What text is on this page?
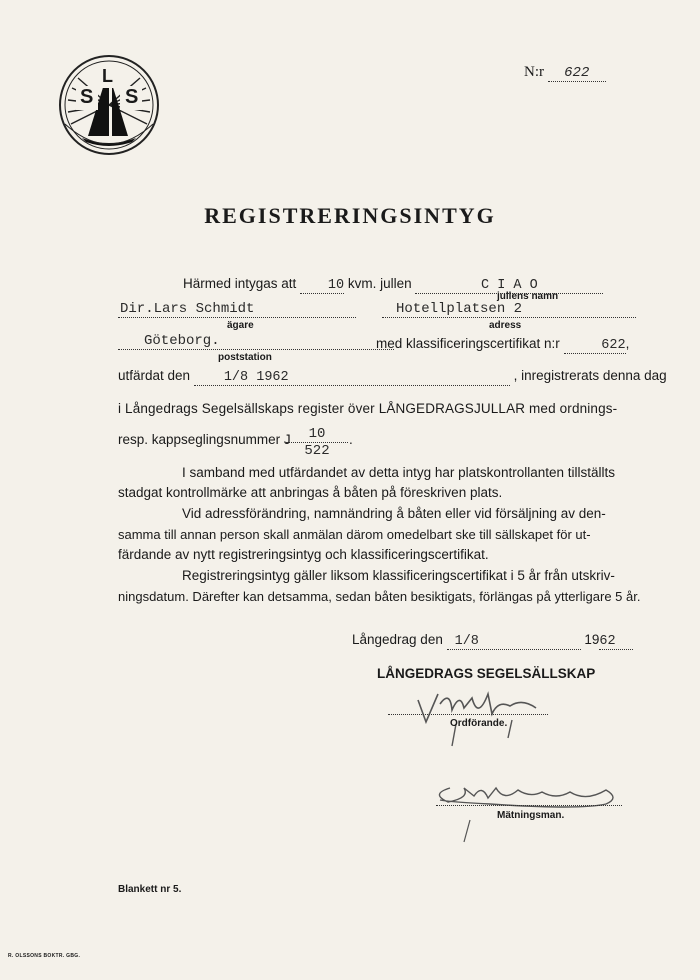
L
S S
N:r 622
REGISTRERINGSINTYG
Härmed intygas att 10 kvm. jullen	C I A O
jullens namn
Dir.Lars Schmidt	Hotellplatsen 2
ägare	adress
Göteborg.	med klassificeringscertifikat n:r	622,
poststation
utfärdat den	1/8 1962	, inregistrerats denna dag
i Långedrags Segelsällskaps register över LÅNGEDRAGSJULLAR med ordnings-
resp. kappseglingsnummer J	10
522
.
I samband med utfärdandet av detta intyg har platskontrollanten tillställts
stadgat kontrollmärke att anbringas å båten på föreskriven plats.
Vid adressförändring, namnändring å båten eller vid försäljning av den-
samma till annan person skall anmälan därom omedelbart ske till sällskapet för ut-
färdande av nytt registreringsintyg och klassificeringscertifikat.
Registreringsintyg gäller liksom klassificeringscertifikat i 5 år från utskriv-
ningsdatum. Därefter kan detsamma, sedan båten besiktigats, förlängas på ytterligare 5 år.
Långedrag den 1/8	1962
LÅNGEDRAGS SEGELSÄLLSKAP
Ordförande.
Mätningsman.
Blankett nr 5.
R. OLSSONS BOKTR. GBG.
